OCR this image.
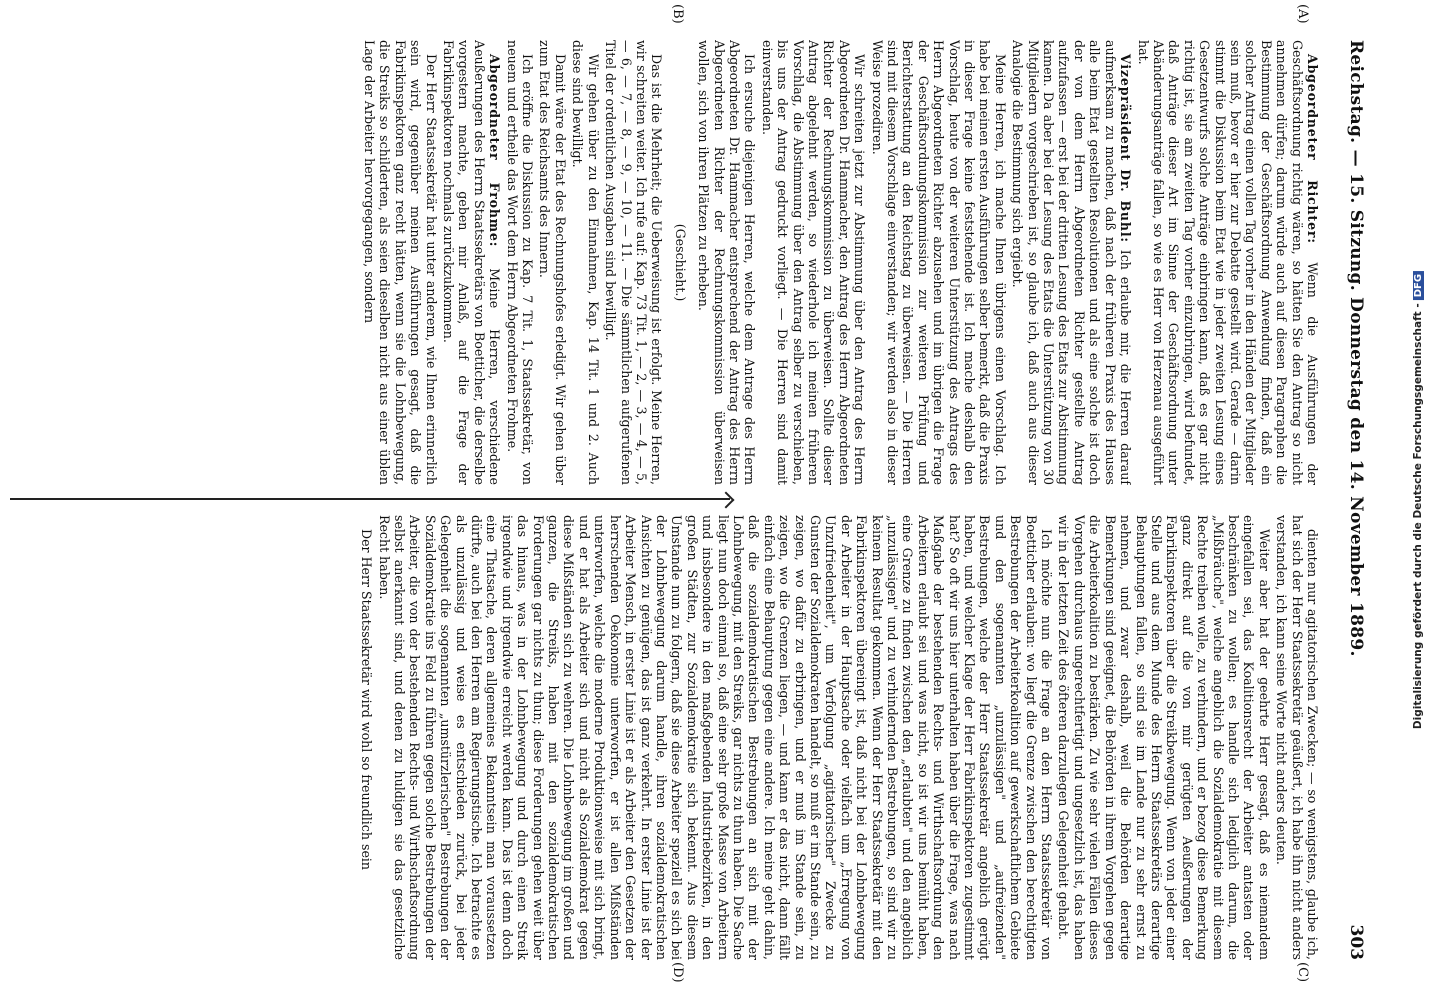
Reichstag. — 15. Sitzung. Donnerstag den 14. November 1889.
303
(A)
(B)
(C)
(D)

Abgeordneter Richter: Wenn die Ausführungen der Geschäftsordnung richtig wären, so hätten Sie den Antrag so nicht annehmen dürfen; darum würde auch auf diesen Paragraphen die Bestimmung der Geschäftsordnung Anwendung finden, daß ein solcher Antrag einen vollen Tag vorher in den Händen der Mitglieder sein muß, bevor er hier zur Debatte gestellt wird. Gerade — darin stimmt die Diskussion beim Etat wie in jeder zweiten Lesung eines Gesetzentwurfs solche Anträge einbringen kann, daß es gar nicht richtig ist, sie am zweiten Tag vorher einzubringen, wird befundet, daß Anträge dieser Art im Sinne der Geschäftsordnung unter Abänderungsanträge fallen, so wie es Herr von Herzenau ausgeführt hat.

Vizepräsident Dr. Buhl: Ich erlaube mir, die Herren darauf aufmerksam zu machen, daß nach der früheren Praxis des Hauses alle beim Etat gestellten Resolutionen und als eine solche ist doch der von dem Herrn Abgeordneten Richter gestellte Antrag aufzufassen — erst bei der dritten Lesung des Etats zur Abstimmung kamen. Da aber bei der Lesung des Etats die Unterstützung von 30 Mitgliedern vorgeschrieben ist, so glaube ich, daß auch aus dieser Analogie die Bestimmung sich ergiebt.

Meine Herren, ich mache Ihnen übrigens einen Vorschlag. Ich habe bei meinen ersten Ausführungen selber bemerkt, daß die Praxis in dieser Frage keine feststehende ist. Ich mache deshalb den Vorschlag, heute von der weiteren Unterstützung des Antrags des Herrn Abgeordneten Richter abzusehen und im übrigen die Frage der Geschäftsordnungskommission zur weiteren Prüfung und Berichterstattung an den Reichstag zu überweisen. — Die Herren sind mit diesem Vorschlage einverstanden; wir werden also in dieser Weise prozediren.

Wir schreiten jetzt zur Abstimmung über den Antrag des Herrn Abgeordneten Dr. Hammacher, den Antrag des Herrn Abgeordneten Richter der Rechnungskommission zu überweisen. Sollte dieser Antrag abgelehnt werden, so wiederhole ich meinen früheren Vorschlag, die Abstimmung über den Antrag selber zu verschieben, bis uns der Antrag gedruckt vorliegt. — Die Herren sind damit einverstanden.

Ich ersuche diejenigen Herren, welche dem Antrage des Herrn Abgeordneten Dr. Hammacher entsprechend der Antrag des Herrn Abgeordneten Richter der Rechnungskommission überweisen wollen, sich von ihren Plätzen zu erheben.

(Geschieht.)

Das ist die Mehrheit; die Ueberweisung ist erfolgt. Meine Herren, wir schreiten weiter. Ich rufe auf: Kap. 73 Tit. 1, — 2, — 3, — 4, — 5, — 6, — 7, — 8, — 9, — 10, — 11. — Die sämmtlichen aufgerufenen Titel der ordentlichen Ausgaben sind bewilligt.

Wir gehen über zu den Einnahmen, Kap. 14 Tit. 1 und 2. Auch diese sind bewilligt.

Damit wäre der Etat des Rechnungshofes erledigt. Wir gehen über zum Etat des Reichsamts des Innern.

Ich eröffne die Diskussion zu Kap. 7 Tit. 1, Staatssekretär, von neuem und ertheile das Wort dem Herrn Abgeordneten Frohme.

Abgeordneter Frohme: Meine Herren, verschiedene Aeußerungen des Herrn Staatssekretärs von Boetticher, die derselbe vorgestern machte, geben mir Anlaß, auf die Frage der Fabrikinspektoren nochmals zurückzukommen.

Der Herr Staatssekretär hat unter anderem, wie Ihnen erinnerlich sein wird, gegenüber meinen Ausführungen gesagt, daß die Fabrikinspektoren ganz recht hätten, wenn sie die Lohnbewegung, die Streiks so schilderten, als seien dieselben nicht aus einer üblen Lage der Arbeiter hervorgegangen, sondern

dienten nur agitatorischen Zwecken; — so wenigstens, glaube ich, hat sich der Herr Staatssekretär geäußert, ich habe ihn nicht anders verstanden, ich kann seine Worte nicht anders deuten.

Weiter aber hat der geehrte Herr gesagt, daß es niemandem eingefallen sei, das Koalitionsrecht der Arbeiter antasten oder beschränken zu wollen; es handle sich lediglich darum, die „Mißbräuche", welche angeblich die Sozialdemokratie mit diesem Rechte treiben wolle, zu verhindern, und er bezog diese Bemerkung ganz direkt auf die von mir gerügten Aeußerungen der Fabrikinspektoren über die Streikbewegung. Wenn von jeder einer Stelle und aus dem Munde des Herrn Staatssekretärs derartige Behauptungen fallen, so sind sie im Lande nur zu sehr ernst zu nehmen, und zwar deshalb, weil die Behörden derartige Bemerkungen sind geeignet, die Behörden in ihrem Vorgehen gegen die Arbeiterkoalition zu bestärken. Zu wie sehr vielen Fällen dieses Vorgehen durchaus ungerechtfertigt und ungesetzlich ist, das haben wir in der letzten Zeit des öfteren darzulegen Gelegenheit gehabt.

Ich möchte nun die Frage an den Herrn Staatssekretär von Boetticher erlauben: wo liegt die Grenze zwischen den berechtigten Bestrebungen der Arbeiterkoalition auf gewerkschaftlichem Gebiete und den sogenannten „unzulässigen" und „aufreizenden" Bestrebungen, welche der Herr Staatssekretär angeblich gerügt haben, und welcher Klage der Herr Fabrikinspektoren zugestimmt hat? So oft wir uns hier unterhalten haben über die Frage, was nach Maßgabe der bestehenden Rechts- und Wirthschaftsordnung den Arbeitern erlaubt sei und was nicht, so ist wir uns bemüht haben, eine Grenze zu finden zwischen den „erlaubten" und den angeblich „unzulässigen" und zu verhindernden Bestrebungen, so sind wir zu keinem Resultat gekommen. Wenn der Herr Staatssekretär mit den Fabrikinspektoren übereingt ist, daß nicht bei der Lohnbewegung der Arbeiter in der Hauptsache oder vielfach um „Erregung von Unzufriedenheit", um Verfolgung „agitatorischer" Zwecke zu Gunsten der Sozialdemokraten handelt, so muß er im Stande sein, zu zeigen, wo dafür zu erbringen, und er muß im Stande sein, zu zeigen, wo die Grenzen liegen, — und kann er das nicht, dann fällt einfach eine Behauptung gegen eine andere. Ich meine geht dahin, daß die sozialdemokratischen Bestrebungen an sich mit der Lohnbewegung, mit den Streiks, gar nichts zu thun haben. Die Sache liegt nun doch einmal so, daß eine sehr große Masse von Arbeitern und insbesondere in den maßgebenden Industriebezirken, in den großen Städten, zur Sozialdemokratie sich bekennt. Aus diesem Umstande nun zu folgern, daß sie diese Arbeiter speziell es sich bei der Lohnbewegung darum handle, ihren sozialdemokratischen Ansichten zu genügen, das ist ganz verkehrt. In erster Linie ist der Arbeiter Mensch, in erster Linie ist er als Arbeiter den Gesetzen der herrschenden Oekonomie unterworfen, er ist allen Mißständen unterworfen, welche die moderne Produktionsweise mit sich bringt, und er hat als Arbeiter sich und nicht als Sozialdemokrat gegen diese Mißständen sich zu wehren. Die Lohnbewegung im großen und ganzen, die Streiks, haben mit den sozialdemokratischen Forderungen gar nichts zu thun; diese Forderungen gehen weit über das hinaus, was in der Lohnbewegung und durch einen Streik irgendwie und irgendwie erreicht werden kann. Das ist denn doch eine Thatsache, deren allgemeines Bekanntsein man voraussetzen dürfte, auch bei den Herren am Regierungstische. Ich betrachte es als unzulässig und weise es entschieden zurück, bei jeder Gelegenheit die sogenannten „umstürzlerischen" Bestrebungen der Sozialdemokratie ins Feld zu führen gegen solche Bestrebungen der Arbeiter, die von der bestehenden Rechts- und Wirthschaftsordnung selbst anerkannt sind, und denen zu huldigen sie das gesetzliche Recht haben.

Der Herr Staatssekretär wird wohl so freundlich sein	Digitalisierung gefördert durch die Deutsche Forschungsgemeinschaft -DFG
